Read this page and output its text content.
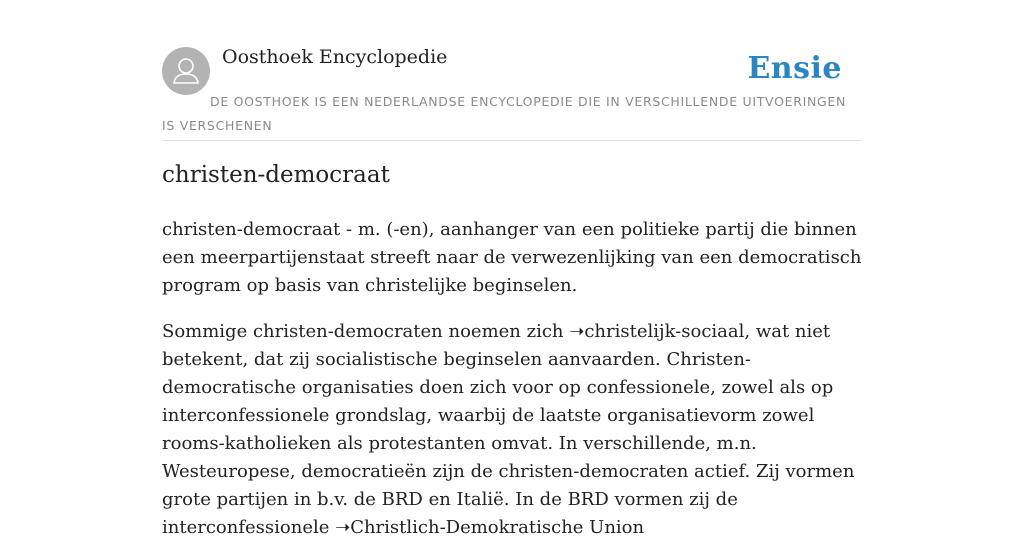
Oosthoek Encyclopedie	Ensie

DE OOSTHOEK IS EEN NEDERLANDSE ENCYCLOPEDIE DIE IN VERSCHILLENDE UITVOERINGEN IS VERSCHENEN

christen-democraat

christen-democraat - m. (-en), aanhanger van een politieke partij die binnen een meerpartijenstaat streeft naar de verwezenlijking van een democratisch program op basis van christelijke beginselen.

Sommige christen-democraten noemen zich ➝christelijk-sociaal, wat niet betekent, dat zij socialistische beginselen aanvaarden. Christen-democratische organisaties doen zich voor op confessionele, zowel als op interconfessionele grondslag, waarbij de laatste organisatievorm zowel rooms-katholieken als protestanten omvat. In verschillende, m.n. Westeuropese, democratieën zijn de christen-democraten actief. Zij vormen grote partijen in b.v. de BRD en Italië. In de BRD vormen zij de interconfessionele ➝Christlich-Demokratische Union
